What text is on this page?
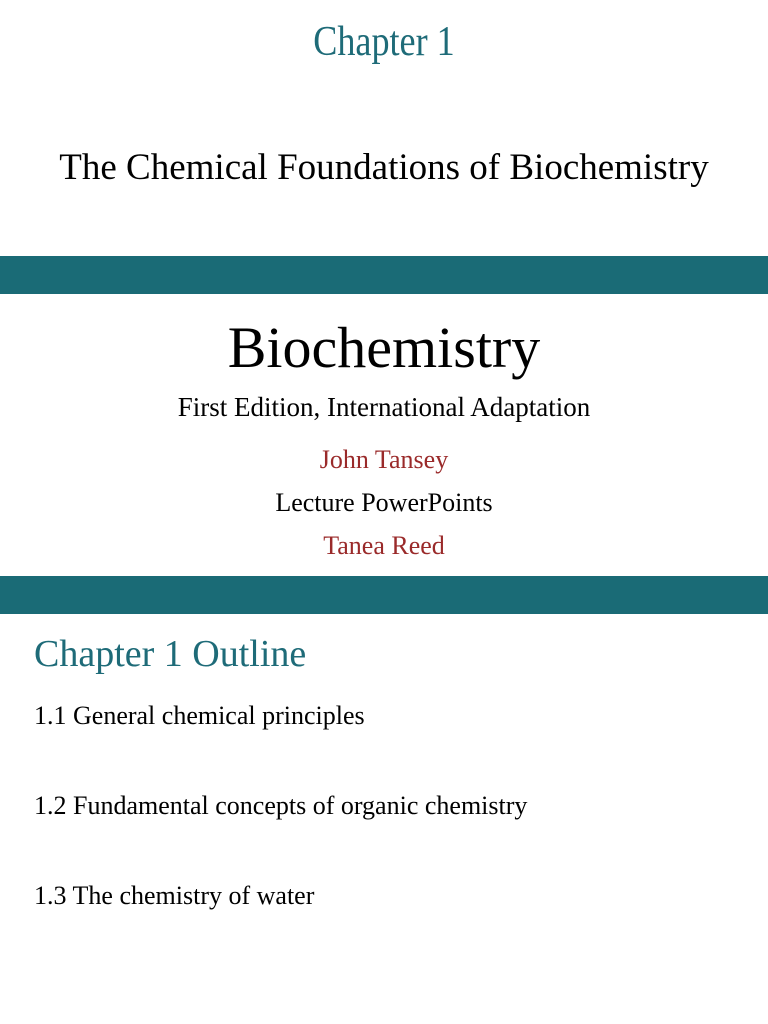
Chapter 1
The Chemical Foundations of Biochemistry
Biochemistry
First Edition, International Adaptation
John Tansey
Lecture PowerPoints
Tanea Reed
Chapter 1 Outline
1.1 General chemical principles
1.2 Fundamental concepts of organic chemistry
1.3 The chemistry of water
